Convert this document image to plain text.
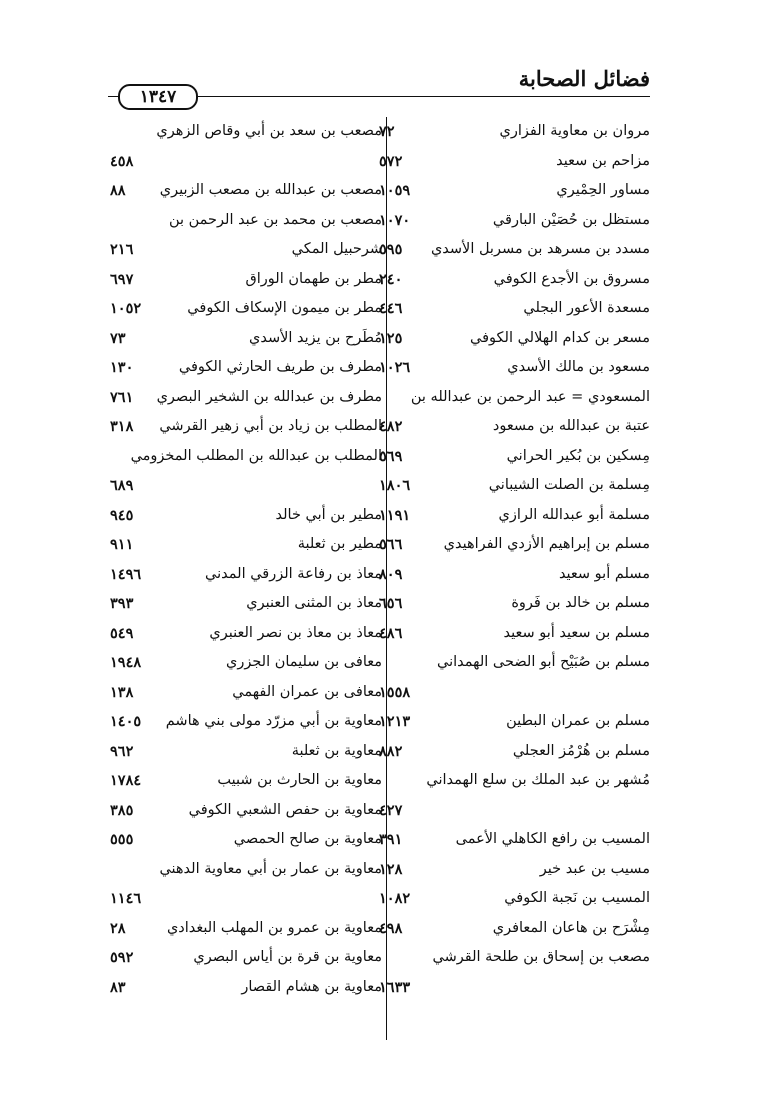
فضائل الصحابة
١٣٤٧
مروان بن معاوية الفزاري
٧٢
مزاحم بن سعيد
٥٧٢
مساور الحِمْيري
١٠٥٩
مستظل بن حُصَيْن البارقي
١٠٧٠
مسدد بن مسرهد بن مسربل الأسدي
٥٩٥
مسروق بن الأجدع الكوفي
٢٤٠
مسعدة الأعور البجلي
٤٤٦
مسعر بن كدام الهلالي الكوفي
١٢٥
مسعود بن مالك الأسدي
١٠٢٦
المسعودي = عبد الرحمن بن عبدالله بن
عتبة بن عبدالله بن مسعود
٤٨٢
مِسكين بن بُكير الحراني
٥٦٩
مِسلمة بن الصلت الشيباني
١٨٠٦
مسلمة أبو عبدالله الرازي
١١٩١
مسلم بن إبراهيم الأزدي الفراهيدي
٥٦٦
مسلم أبو سعيد
٨٠٩
مسلم بن خالد بن فَروة
٦٥٦
مسلم بن سعيد أبو سعيد
٤٨٦
مسلم بن صُبَيْح أبو الضحى الهمداني
١٥٥٨
مسلم بن عمران البطين
١٢١٣
مسلم بن هُرْمُز العجلي
٨٨٢
مُشهر بن عبد الملك بن سلع الهمداني
٤٢٧
المسيب بن رافع الكاهلي الأعمى
٣٩١
مسيب بن عبد خير
١٢٨
المسيب بن نَجبة الكوفي
١٠٨٢
مِشْرَح بن هاعان المعافري
٤٩٨
مصعب بن إسحاق بن طلحة القرشي
١٦٣٣
مصعب بن سعد بن أبي وقاص الزهري
٤٥٨
مصعب بن عبدالله بن مصعب الزبيري
٨٨
مصعب بن محمد بن عبد الرحمن بن
شرحبيل المكي
٢١٦
مطر بن طهمان الوراق
٦٩٧
مطر بن ميمون الإسكاف الكوفي
١٠٥٢
مُطَرح بن يزيد الأسدي
٧٣
مطرف بن طريف الحارثي الكوفي
١٣٠
مطرف بن عبدالله بن الشخير البصري
٧٦١
المطلب بن زياد بن أبي زهير القرشي
٣١٨
المطلب بن عبدالله بن المطلب المخزومي
٦٨٩
مطير بن أبي خالد
٩٤٥
مطير بن ثعلبة
٩١١
معاذ بن رفاعة الزرقي المدني
١٤٩٦
معاذ بن المثنى العنبري
٣٩٣
معاذ بن معاذ بن نصر العنبري
٥٤٩
معافى بن سليمان الجزري
١٩٤٨
معافى بن عمران الفهمي
١٣٨
معاوية بن أبي مزرّد مولى بني هاشم
١٤٠٥
معاوية بن ثعلبة
٩٦٢
معاوية بن الحارث بن شبيب
١٧٨٤
معاوية بن حفص الشعبي الكوفي
٣٨٥
معاوية بن صالح الحمصي
٥٥٥
معاوية بن عمار بن أبي معاوية الدهني
١١٤٦
معاوية بن عمرو بن المهلب البغدادي
٢٨
معاوية بن قرة بن أياس البصري
٥٩٢
معاوية بن هشام القصار
٨٣
